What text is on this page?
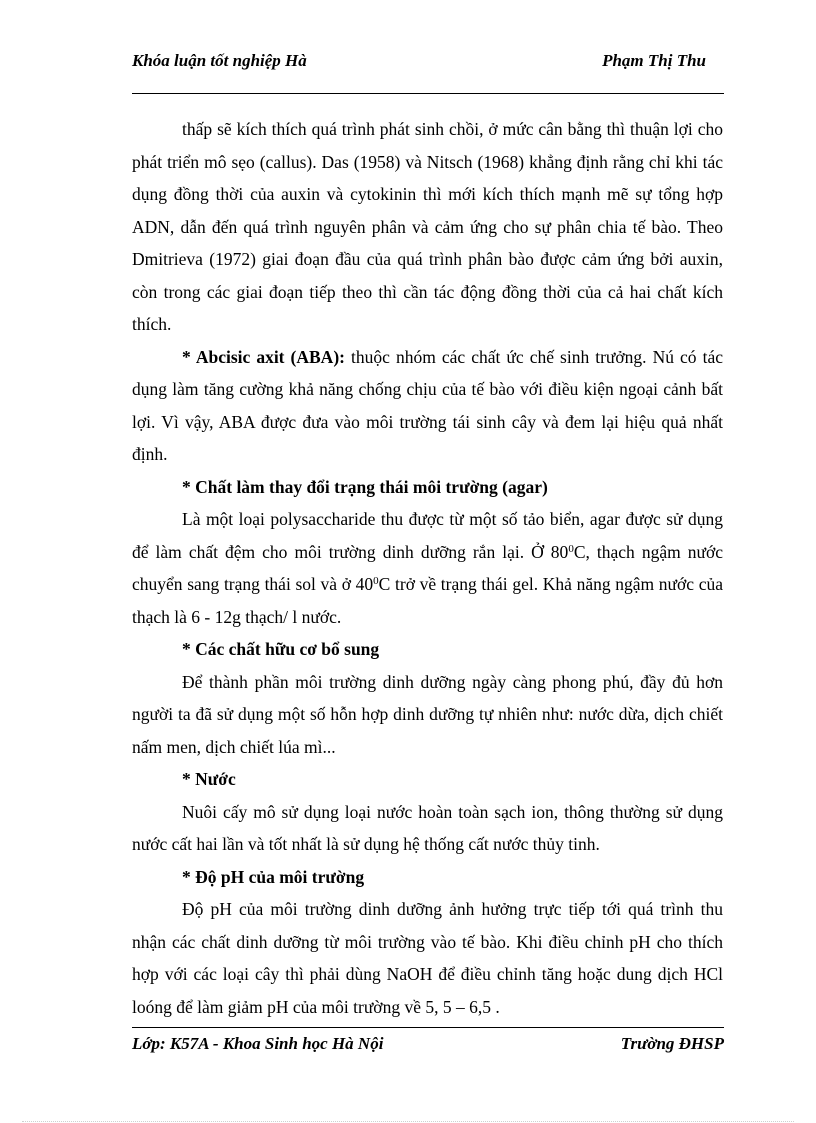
Khóa luận tốt nghiệp Hà	Phạm Thị Thu

thấp sẽ kích thích quá trình phát sinh chồi, ở mức cân bằng thì thuận lợi cho phát triển mô sẹo (callus). Das (1958) và Nitsch (1968) khẳng định rằng chỉ khi tác dụng đồng thời của auxin và cytokinin thì mới kích thích mạnh mẽ sự tổng hợp ADN, dẫn đến quá trình nguyên phân và cảm ứng cho sự phân chia tế bào. Theo Dmitrieva (1972) giai đoạn đầu của quá trình phân bào được cảm ứng bởi auxin, còn trong các giai đoạn tiếp theo thì cần tác động đồng thời của cả hai chất kích thích.

* Abcisic axit (ABA): thuộc nhóm các chất ức chế sinh trưởng. Nú có tác dụng làm tăng cường khả năng chống chịu của tế bào với điều kiện ngoại cảnh bất lợi. Vì vậy, ABA được đưa vào môi trường tái sinh cây và đem lại hiệu quả nhất định.

* Chất làm thay đổi trạng thái môi trường (agar)

Là một loại polysaccharide thu được từ một số tảo biển, agar được sử dụng để làm chất đệm cho môi trường dinh dưỡng rắn lại. Ở $80^0C$, thạch ngậm nước chuyển sang trạng thái sol và ở $40^0C$ trở về trạng thái gel. Khả năng ngậm nước của thạch là 6 - 12g thạch/ l nước.

* Các chất hữu cơ bổ sung

Để thành phần môi trường dinh dưỡng ngày càng phong phú, đầy đủ hơn người ta đã sử dụng một số hỗn hợp dinh dưỡng tự nhiên như: nước dừa, dịch chiết nấm men, dịch chiết lúa mì...

* Nước

Nuôi cấy mô sử dụng loại nước hoàn toàn sạch ion, thông thường sử dụng nước cất hai lần và tốt nhất là sử dụng hệ thống cất nước thủy tinh.

* Độ pH của môi trường

Độ pH của môi trường dinh dưỡng ảnh hưởng trực tiếp tới quá trình thu nhận các chất dinh dưỡng từ môi trường vào tế bào. Khi điều chỉnh pH cho thích hợp với các loại cây thì phải dùng NaOH để điều chỉnh tăng hoặc dung dịch HCl loóng để làm giảm pH của môi trường về 5, 5 – 6,5 .

Lớp: K57A - Khoa Sinh học Hà Nội	Trường ĐHSP
